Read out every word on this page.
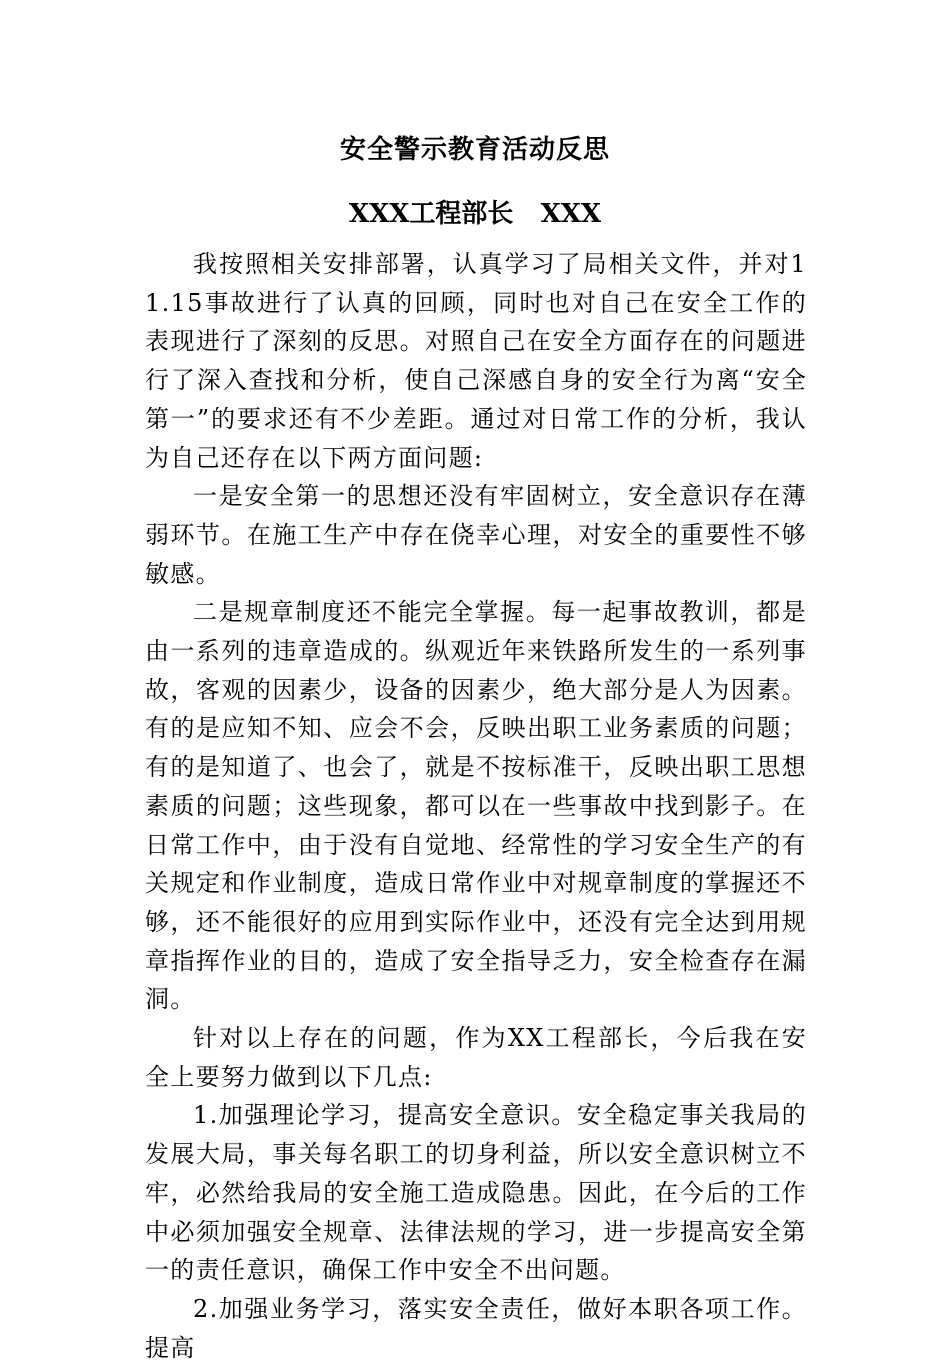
安全警示教育活动反思
XXX工程部长   XXX

我按照相关安排部署，认真学习了局相关文件，并对11.15事故进行了认真的回顾，同时也对自己在安全工作的表现进行了深刻的反思。对照自己在安全方面存在的问题进行了深入查找和分析，使自己深感自身的安全行为离“安全第一”的要求还有不少差距。通过对日常工作的分析，我认为自己还存在以下两方面问题:

一是安全第一的思想还没有牢固树立，安全意识存在薄弱环节。在施工生产中存在侥幸心理，对安全的重要性不够敏感。

二是规章制度还不能完全掌握。每一起事故教训，都是由一系列的违章造成的。纵观近年来铁路所发生的一系列事故，客观的因素少，设备的因素少，绝大部分是人为因素。有的是应知不知、应会不会，反映出职工业务素质的问题；有的是知道了、也会了，就是不按标准干，反映出职工思想素质的问题；这些现象，都可以在一些事故中找到影子。在日常工作中，由于没有自觉地、经常性的学习安全生产的有关规定和作业制度，造成日常作业中对规章制度的掌握还不够，还不能很好的应用到实际作业中，还没有完全达到用规章指挥作业的目的，造成了安全指导乏力，安全检查存在漏洞。

针对以上存在的问题，作为XX工程部长，今后我在安全上要努力做到以下几点:

1.加强理论学习，提高安全意识。安全稳定事关我局的发展大局，事关每名职工的切身利益，所以安全意识树立不牢，必然给我局的安全施工造成隐患。因此，在今后的工作中必须加强安全规章、法律法规的学习，进一步提高安全第一的责任意识，确保工作中安全不出问题。

2.加强业务学习，落实安全责任，做好本职各项工作。提高
